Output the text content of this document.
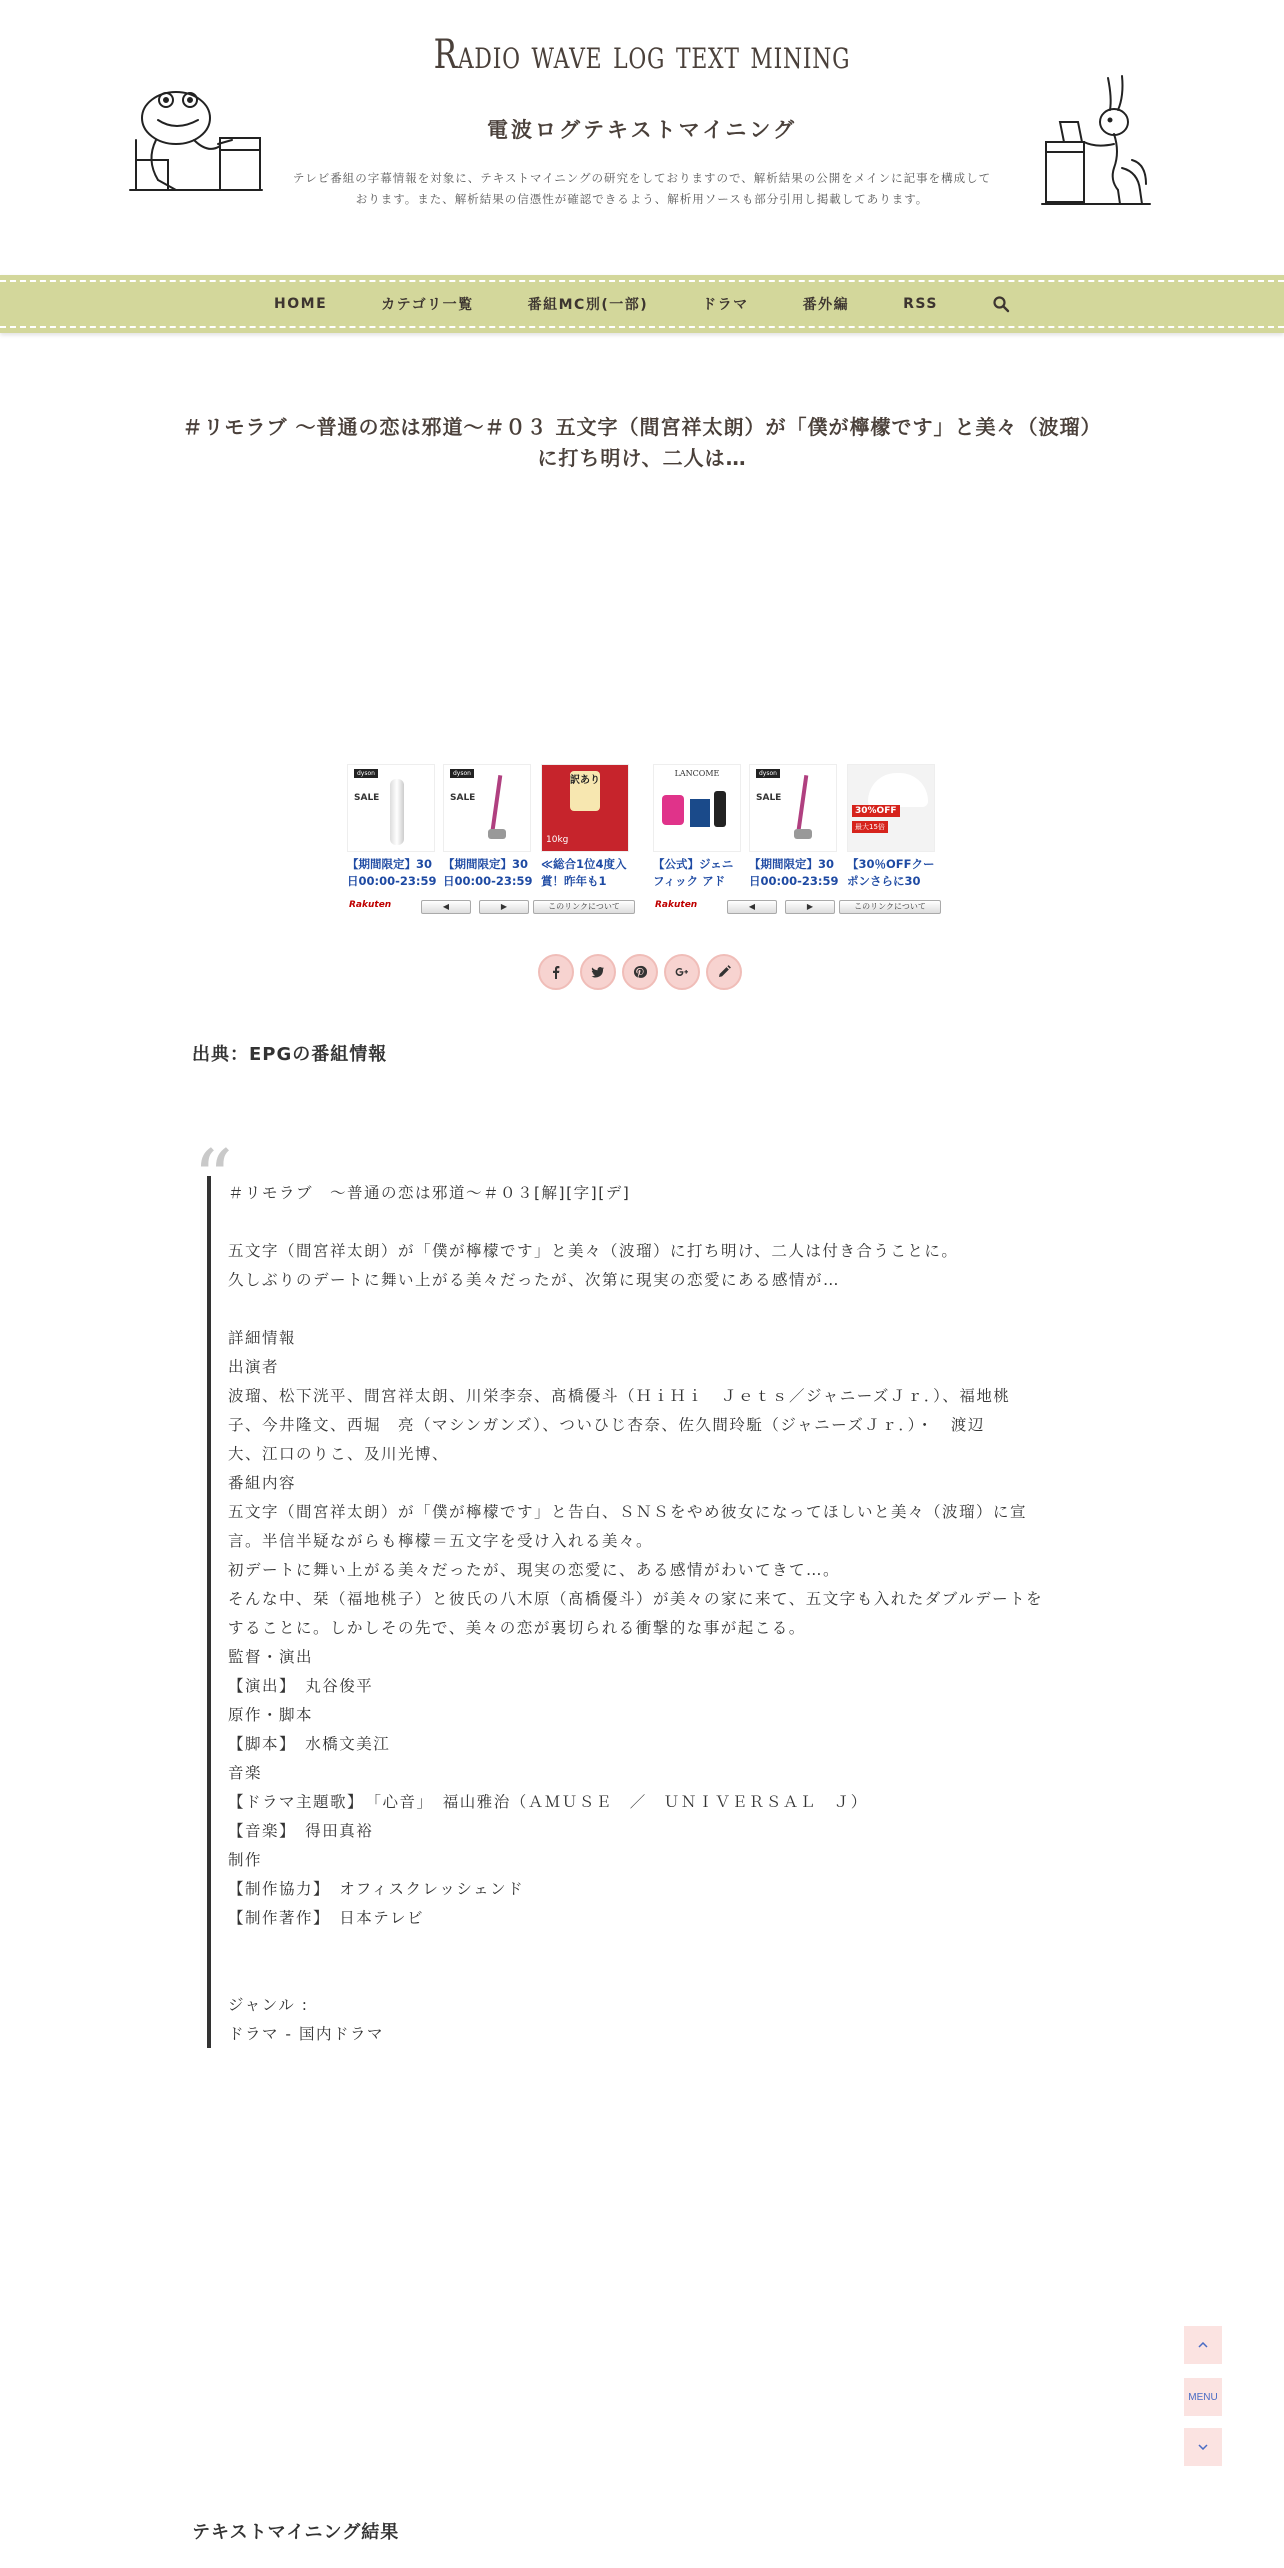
Radio wave log text mining
電波ログテキストマイニング
テレビ番組の字幕情報を対象に、テキストマイニングの研究をしておりますので、解析結果の公開をメインに記事を構成して
おります。また、解析結果の信憑性が確認できるよう、解析用ソースも部分引用し掲載してあります。
HOME	カテゴリ一覧	番組MC別(一部)	ドラマ	番外編	RSS
＃リモラブ ～普通の恋は邪道～＃０３ 五文字（間宮祥太朗）が「僕が檸檬です」と美々（波瑠）
に打ち明け、二人は…
dyson
SALE
【期間限定】30日00:00-23:59
dyson
SALE
【期間限定】30日00:00-23:59
訳あり
10kg
≪総合1位4度入賞！昨年も1
Rakuten	◀	▶	このリンクについて
LANCOME
【公式】ジェニフィック アド
dyson
SALE
【期間限定】30日00:00-23:59
30%OFF
最大15倍
【30％OFFクーポンさらに30
Rakuten	◀	▶	このリンクについて
出典：EPGの番組情報
“
＃リモラブ　～普通の恋は邪道～＃０３[解][字][デ]
五文字（間宮祥太朗）が「僕が檸檬です」と美々（波瑠）に打ち明け、二人は付き合うことに。
久しぶりのデートに舞い上がる美々だったが、次第に現実の恋愛にある感情が…
詳細情報
出演者
波瑠、松下洸平、間宮祥太朗、川栄李奈、髙橋優斗（ＨｉＨｉ　Ｊｅｔｓ／ジャニーズＪｒ．）、福地桃
子、今井隆文、西堀　亮（マシンガンズ）、ついひじ杏奈、佐久間玲駈（ジャニーズＪｒ．）・　渡辺
大、江口のりこ、及川光博、
番組内容
五文字（間宮祥太朗）が「僕が檸檬です」と告白、ＳＮＳをやめ彼女になってほしいと美々（波瑠）に宣
言。半信半疑ながらも檸檬＝五文字を受け入れる美々。
初デートに舞い上がる美々だったが、現実の恋愛に、ある感情がわいてきて…。
そんな中、栞（福地桃子）と彼氏の八木原（髙橋優斗）が美々の家に来て、五文字も入れたダブルデートを
することに。しかしその先で、美々の恋が裏切られる衝撃的な事が起こる。
監督・演出
【演出】　丸谷俊平
原作・脚本
【脚本】　水橋文美江
音楽
【ドラマ主題歌】　「心音」　福山雅治（ＡＭＵＳＥ　／　ＵＮＩＶＥＲＳＡＬ　Ｊ）
【音楽】　得田真裕
制作
【制作協力】　オフィスクレッシェンド
【制作著作】　日本テレビ
ジャンル :
ドラマ - 国内ドラマ
テキストマイニング結果
MENU
